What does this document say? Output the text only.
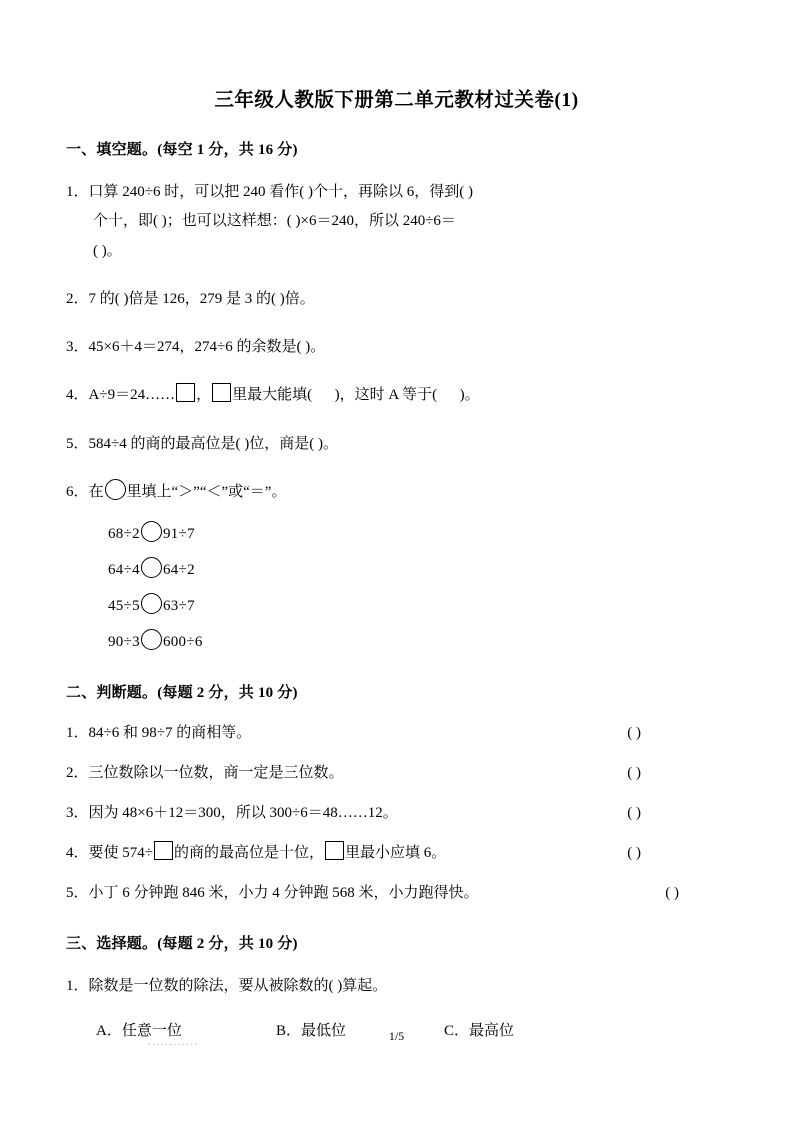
三年级人教版下册第二单元教材过关卷(1)
一、填空题。(每空 1 分，共 16 分)
1．口算 240÷6 时，可以把 240 看作( )个十，再除以 6，得到( )

个十，即( )；也可以这样想：( )×6＝240，所以 240÷6＝
( )。
2．7 的( )倍是 126，279 是 3 的( )倍。
3．45×6＋4＝274，274÷6 的余数是( )。
4．A÷9＝24…… ， 里最大能填(      )，这时 A 等于(      )。
5．584÷4 的商的最高位是( )位，商是( )。
6．在 里填上“＞”“＜”或“＝”。
68÷2 91÷7
64÷4 64÷2
45÷5 63÷7
90÷3 600÷6
二、判断题。(每题 2 分，共 10 分)
1．84÷6 和 98÷7 的商相等。	( )
2．三位数除以一位数，商一定是三位数。	( )
3．因为 48×6＋12＝300，所以 300÷6＝48……12。	( )
4．要使 574÷ 的商的最高位是十位， 里最小应填 6。	( )
5．小丁 6 分钟跑 846 米，小力 4 分钟跑 568 米，小力跑得快。	( )
三、选择题。(每题 2 分，共 10 分)
1．除数是一位数的除法，要从被除数的( )算起。
A．任意一位	B．最低位	C．最高位
............	1/5
